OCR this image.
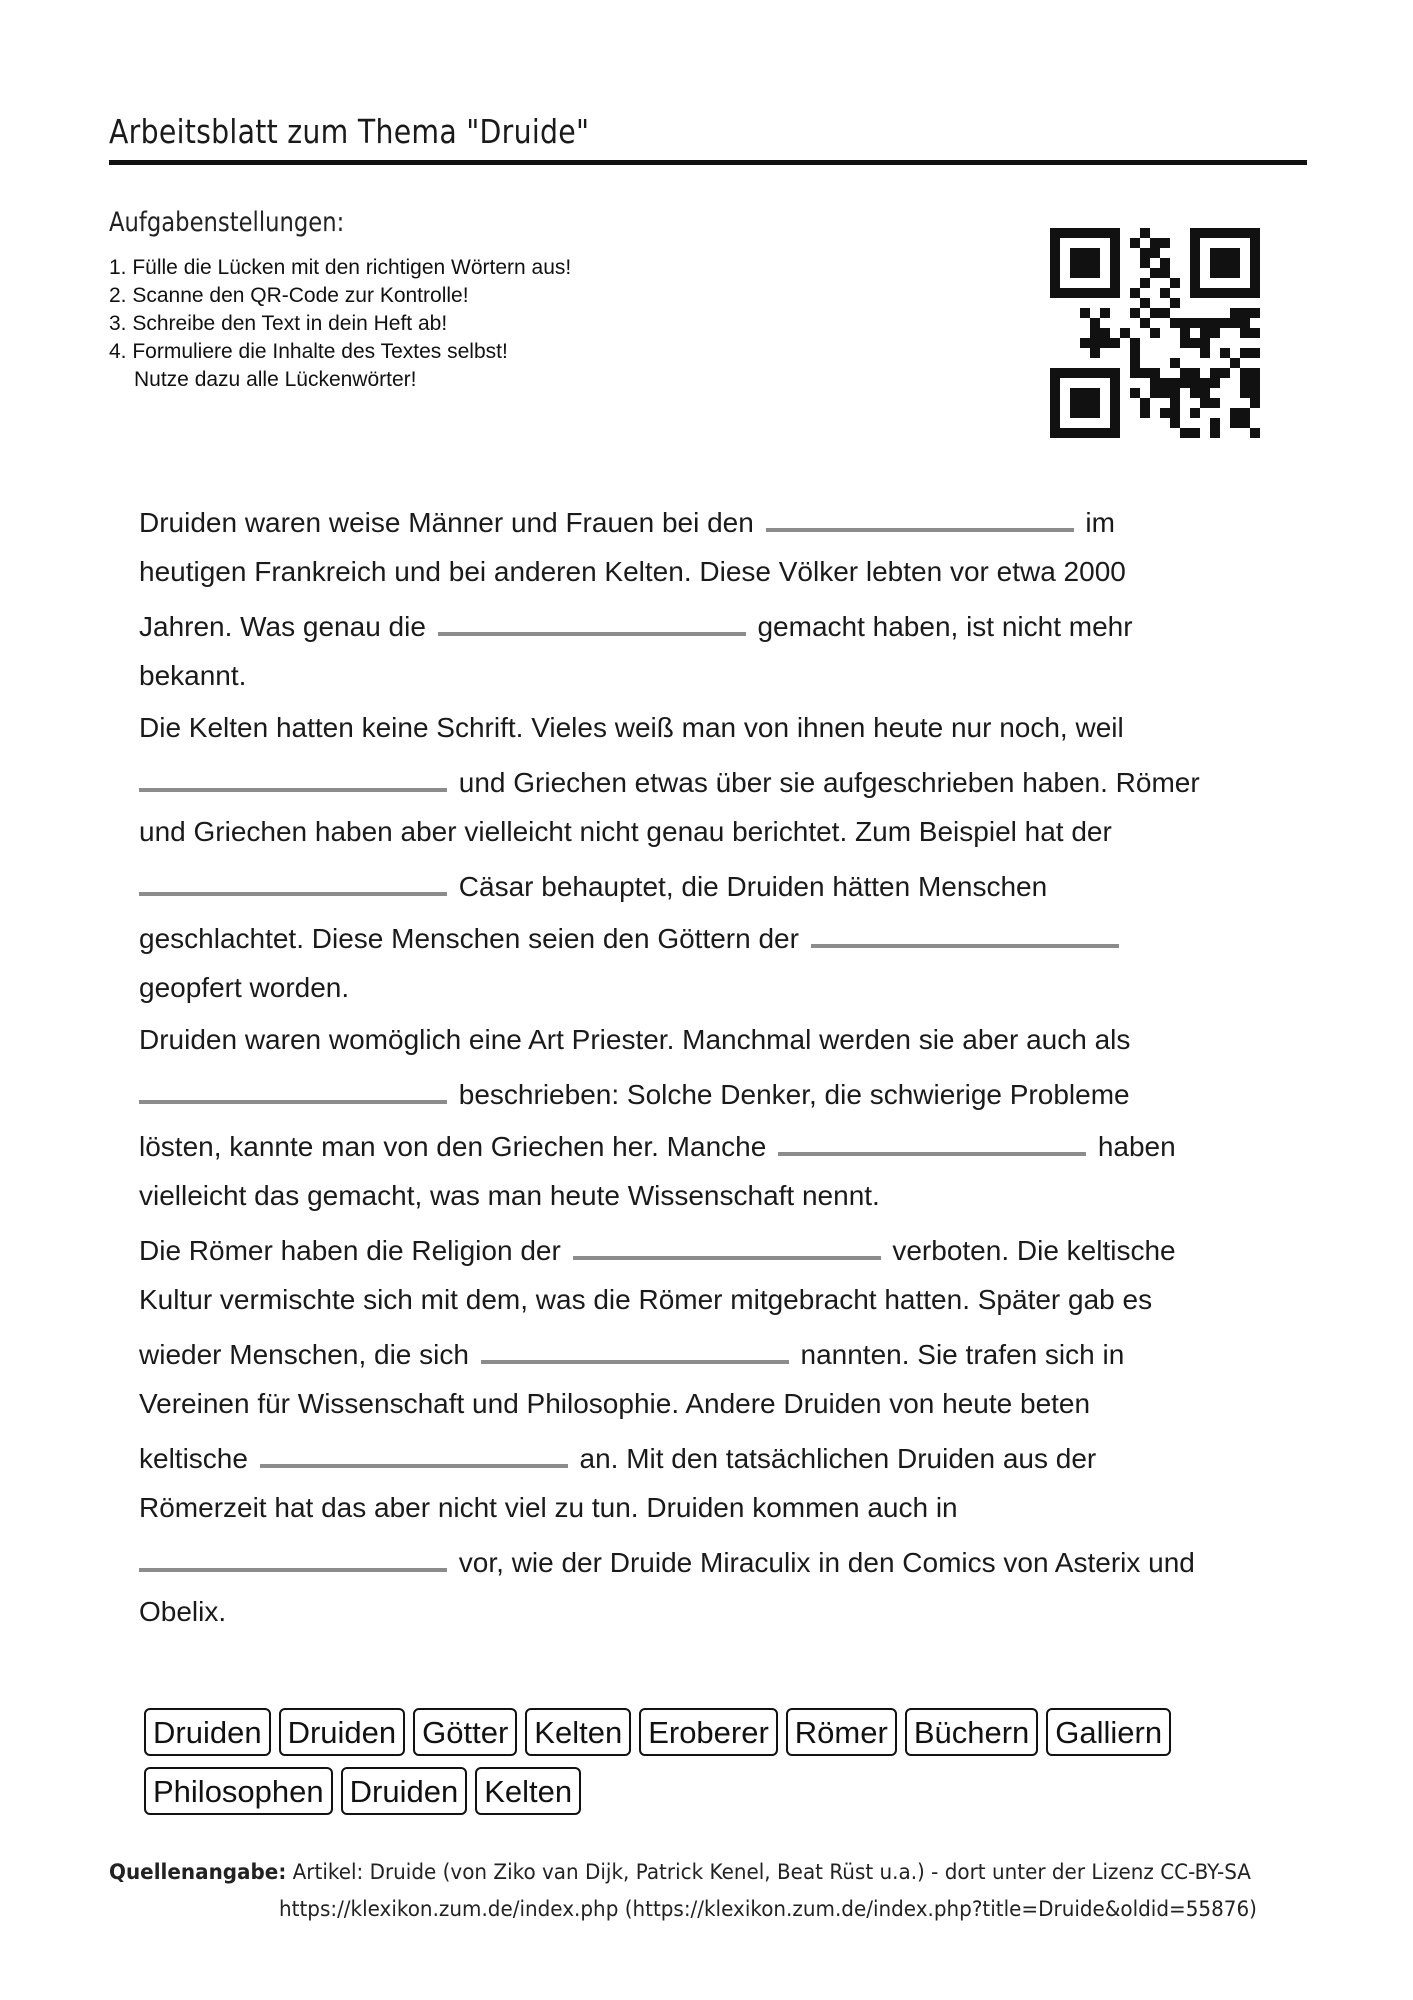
Arbeitsblatt zum Thema "Druide"
Aufgabenstellungen:
1. Fülle die Lücken mit den richtigen Wörtern aus!
2. Scanne den QR-Code zur Kontrolle!
3. Schreibe den Text in dein Heft ab!
4. Formuliere die Inhalte des Textes selbst!
Nutze dazu alle Lückenwörter!
Druiden waren weise Männer und Frauen bei den	im
heutigen Frankreich und bei anderen Kelten. Diese Völker lebten vor etwa 2000
Jahren. Was genau die	gemacht haben, ist nicht mehr
bekannt.
Die Kelten hatten keine Schrift. Vieles weiß man von ihnen heute nur noch, weil
und Griechen etwas über sie aufgeschrieben haben. Römer
und Griechen haben aber vielleicht nicht genau berichtet. Zum Beispiel hat der
Cäsar behauptet, die Druiden hätten Menschen
geschlachtet. Diese Menschen seien den Göttern der
geopfert worden.
Druiden waren womöglich eine Art Priester. Manchmal werden sie aber auch als
beschrieben: Solche Denker, die schwierige Probleme
lösten, kannte man von den Griechen her. Manche	haben
vielleicht das gemacht, was man heute Wissenschaft nennt.
Die Römer haben die Religion der	verboten. Die keltische
Kultur vermischte sich mit dem, was die Römer mitgebracht hatten. Später gab es
wieder Menschen, die sich	nannten. Sie trafen sich in
Vereinen für Wissenschaft und Philosophie. Andere Druiden von heute beten
keltische	an. Mit den tatsächlichen Druiden aus der
Römerzeit hat das aber nicht viel zu tun. Druiden kommen auch in
vor, wie der Druide Miraculix in den Comics von Asterix und
Obelix.
Druiden Druiden Götter Kelten Eroberer Römer Büchern Galliern
Philosophen Druiden Kelten
Quellenangabe: Artikel: Druide (von Ziko van Dijk, Patrick Kenel, Beat Rüst u.a.) - dort unter der Lizenz CC-BY-SA
https://klexikon.zum.de/index.php (https://klexikon.zum.de/index.php?title=Druide&oldid=55876)
